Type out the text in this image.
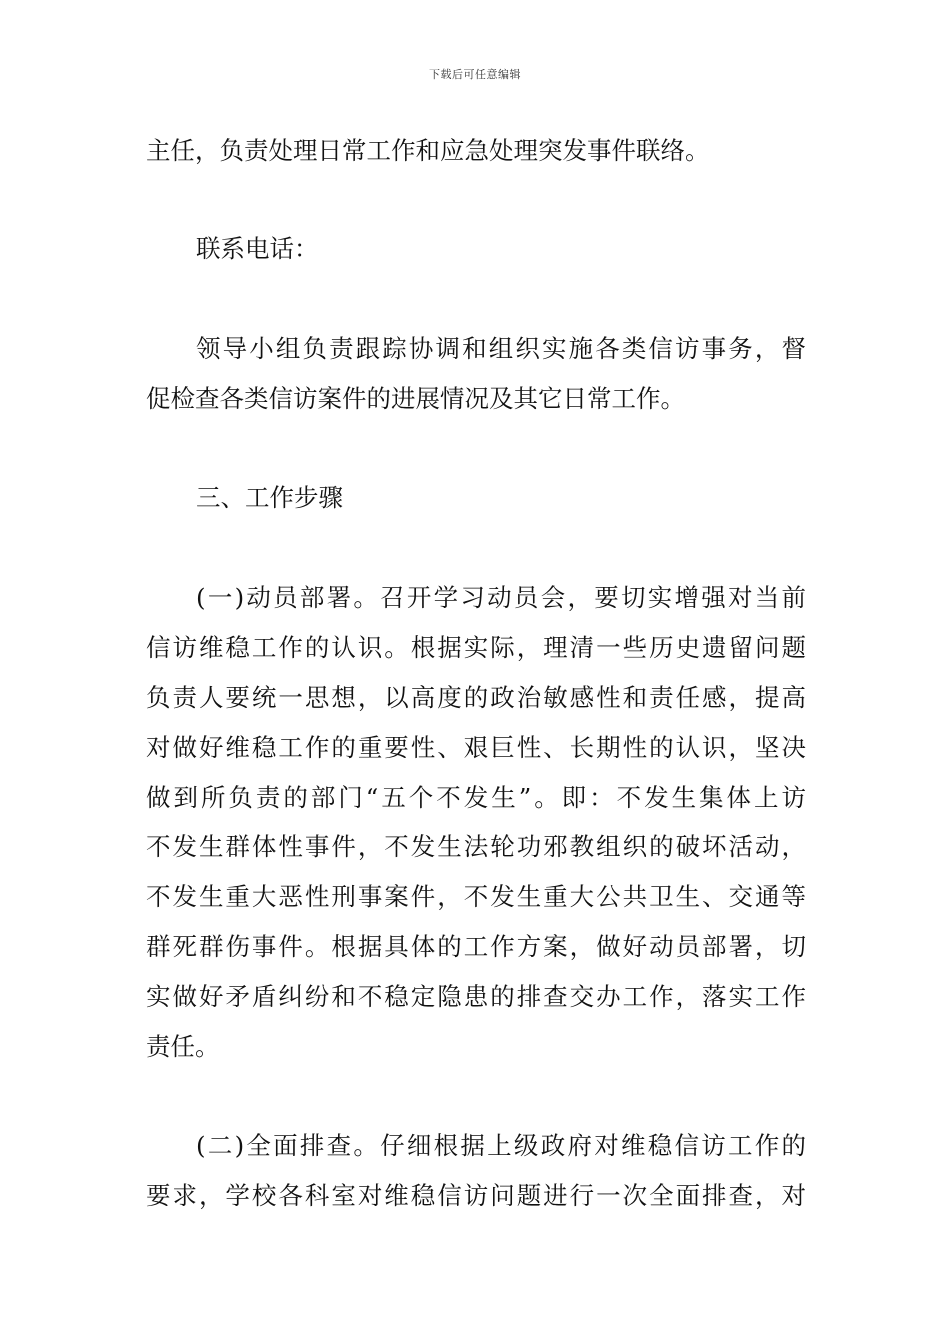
下载后可任意编辑
主任，负责处理日常工作和应急处理突发事件联络。
联系电话：
领导小组负责跟踪协调和组织实施各类信访事务，督
促检查各类信访案件的进展情况及其它日常工作。
三、工作步骤
(一)动员部署。召开学习动员会，要切实增强对当前
信访维稳工作的认识。根据实际，理清一些历史遗留问题
负责人要统一思想，以高度的政治敏感性和责任感，提高
对做好维稳工作的重要性、艰巨性、长期性的认识，坚决
做到所负责的部门“五个不发生”。即：不发生集体上访
不发生群体性事件，不发生法轮功邪教组织的破坏活动，
不发生重大恶性刑事案件，不发生重大公共卫生、交通等
群死群伤事件。根据具体的工作方案，做好动员部署，切
实做好矛盾纠纷和不稳定隐患的排查交办工作，落实工作
责任。
(二)全面排查。仔细根据上级政府对维稳信访工作的
要求，学校各科室对维稳信访问题进行一次全面排查，对
